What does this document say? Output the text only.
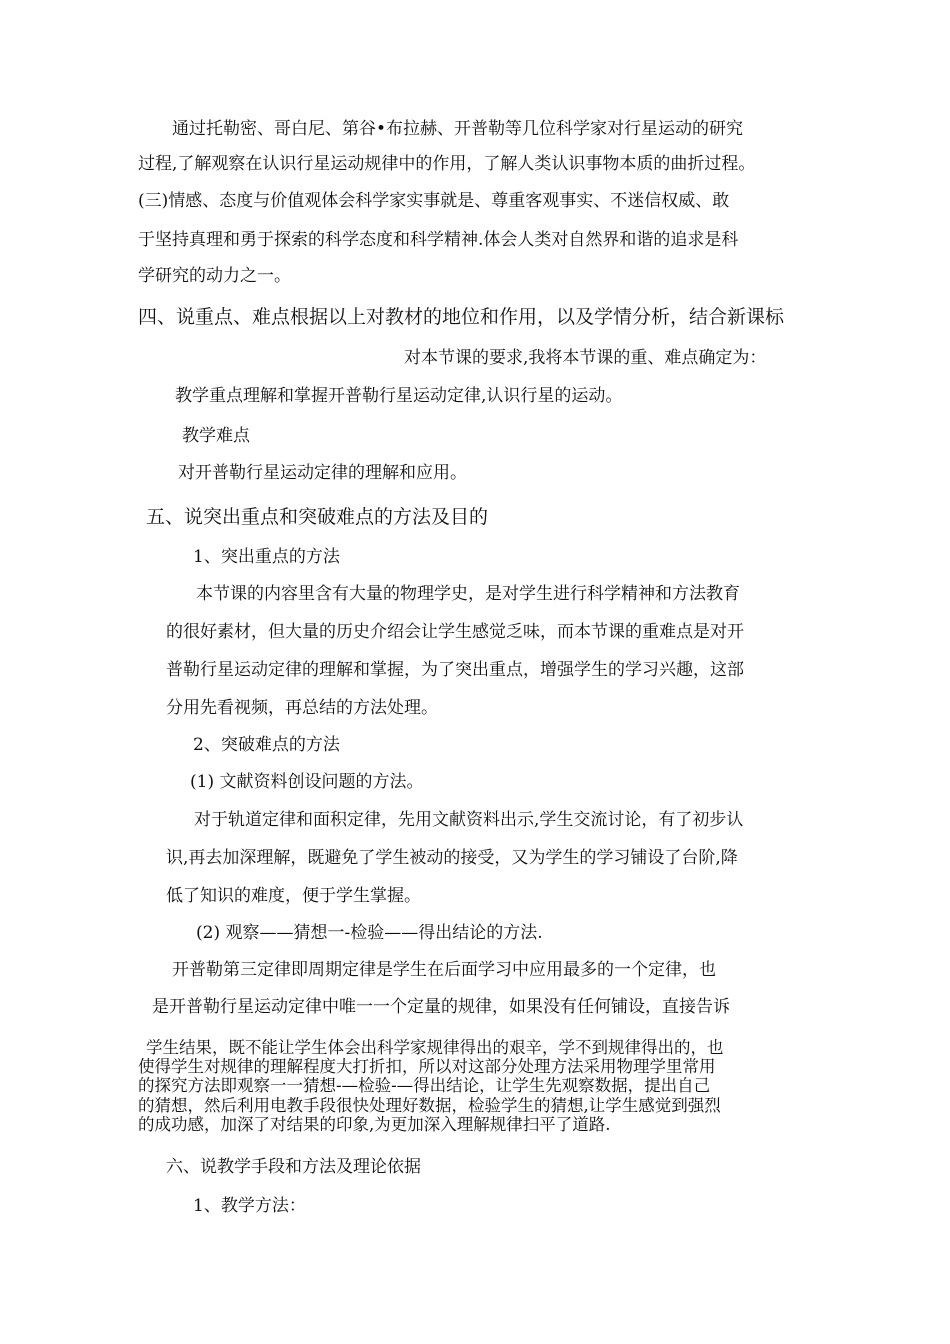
通过托勒密、哥白尼、第谷•布拉赫、开普勒等几位科学家对行星运动的研究
过程,了解观察在认识行星运动规律中的作用，了解人类认识事物本质的曲折过程。
(三)情感、态度与价值观体会科学家实事就是、尊重客观事实、不迷信权威、敢
于坚持真理和勇于探索的科学态度和科学精神.体会人类对自然界和谐的追求是科
学研究的动力之一。
四、说重点、难点根据以上对教材的地位和作用，以及学情分析，结合新课标
对本节课的要求,我将本节课的重、难点确定为：
教学重点理解和掌握开普勒行星运动定律,认识行星的运动。
教学难点
对开普勒行星运动定律的理解和应用。
五、说突出重点和突破难点的方法及目的
1、突出重点的方法
本节课的内容里含有大量的物理学史，是对学生进行科学精神和方法教育
的很好素材，但大量的历史介绍会让学生感觉乏味，而本节课的重难点是对开
普勒行星运动定律的理解和掌握，为了突出重点，增强学生的学习兴趣，这部
分用先看视频，再总结的方法处理。
2、突破难点的方法
(1) 文献资料创设问题的方法。
对于轨道定律和面积定律，先用文献资料出示,学生交流讨论，有了初步认
识,再去加深理解，既避免了学生被动的接受，又为学生的学习铺设了台阶,降
低了知识的难度，便于学生掌握。
(2) 观察——猜想一-检验——得出结论的方法.
开普勒第三定律即周期定律是学生在后面学习中应用最多的一个定律，也
是开普勒行星运动定律中唯一一个定量的规律，如果没有任何铺设，直接告诉
学生结果，既不能让学生体会出科学家规律得出的艰辛，学不到规律得出的，也
使得学生对规律的理解程度大打折扣，所以对这部分处理方法采用物理学里常用
的探究方法即观察一一猜想-—检验-—得出结论，让学生先观察数据，提出自己
的猜想，然后利用电教手段很快处理好数据，检验学生的猜想,让学生感觉到强烈
的成功感，加深了对结果的印象,为更加深入理解规律扫平了道路.
六、说教学手段和方法及理论依据
1、教学方法：
